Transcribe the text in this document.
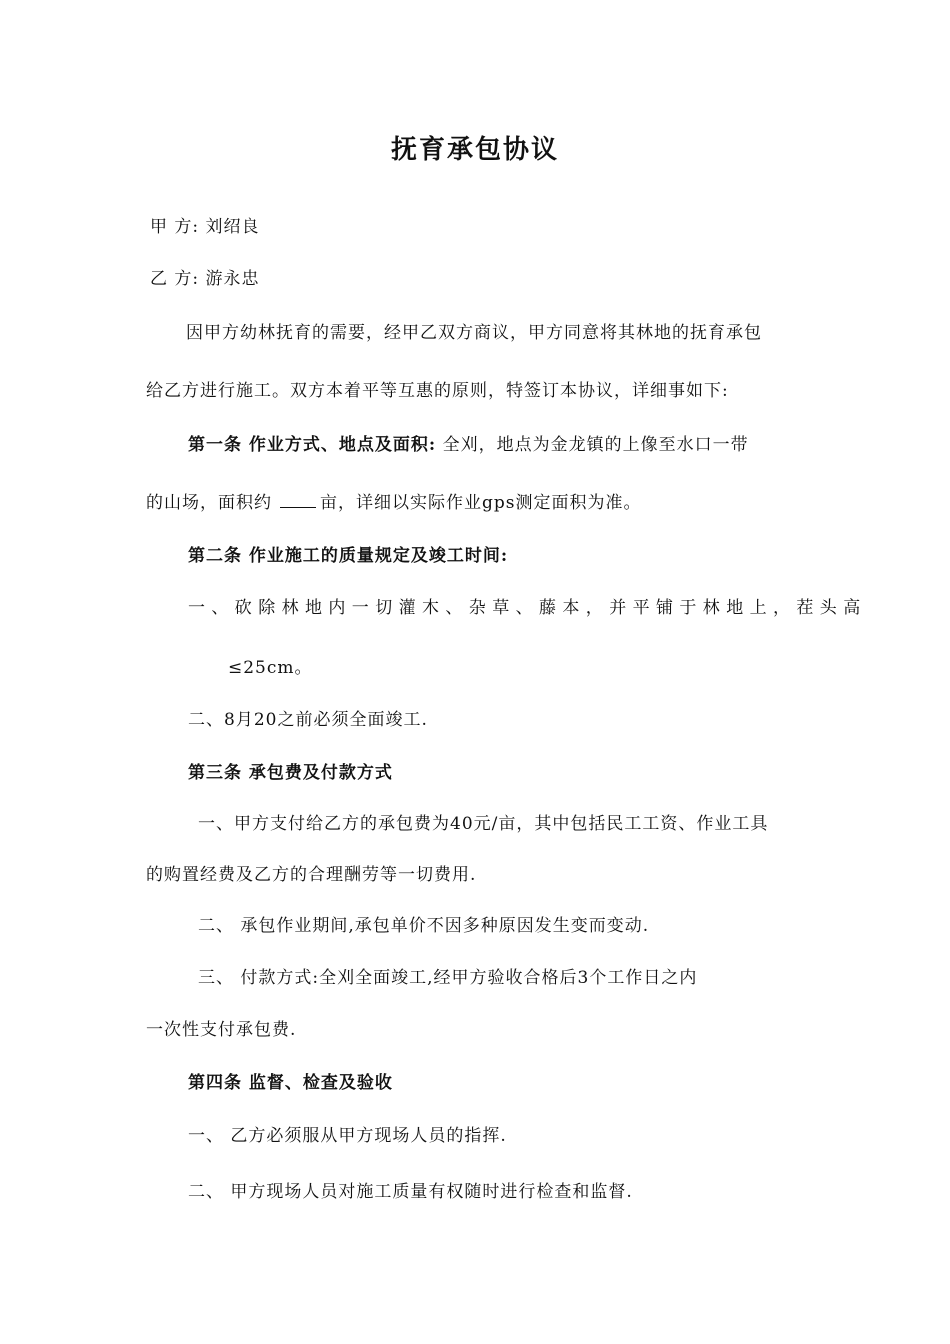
抚育承包协议
甲 方: 刘绍良
乙 方: 游永忠
因甲方幼林抚育的需要，经甲乙双方商议，甲方同意将其林地的抚育承包
给乙方进行施工。双方本着平等互惠的原则，特签订本协议，详细事如下:
第一条 作业方式、地点及面积: 全刈，地点为金龙镇的上像至水口一带
的山场，面积约	亩，详细以实际作业gps测定面积为准。
第二条 作业施工的质量规定及竣工时间:
一、砍除林地内一切灌木、杂草、藤本，并平铺于林地上，茬头高
≤25cm。
二、8月20之前必须全面竣工.
第三条 承包费及付款方式
一、甲方支付给乙方的承包费为40元/亩，其中包括民工工资、作业工具
的购置经费及乙方的合理酬劳等一切费用.
二、 承包作业期间,承包单价不因多种原因发生变而变动.
三、 付款方式:全刈全面竣工,经甲方验收合格后3个工作日之内
一次性支付承包费.
第四条 监督、检查及验收
一、 乙方必须服从甲方现场人员的指挥.
二、 甲方现场人员对施工质量有权随时进行检查和监督.
